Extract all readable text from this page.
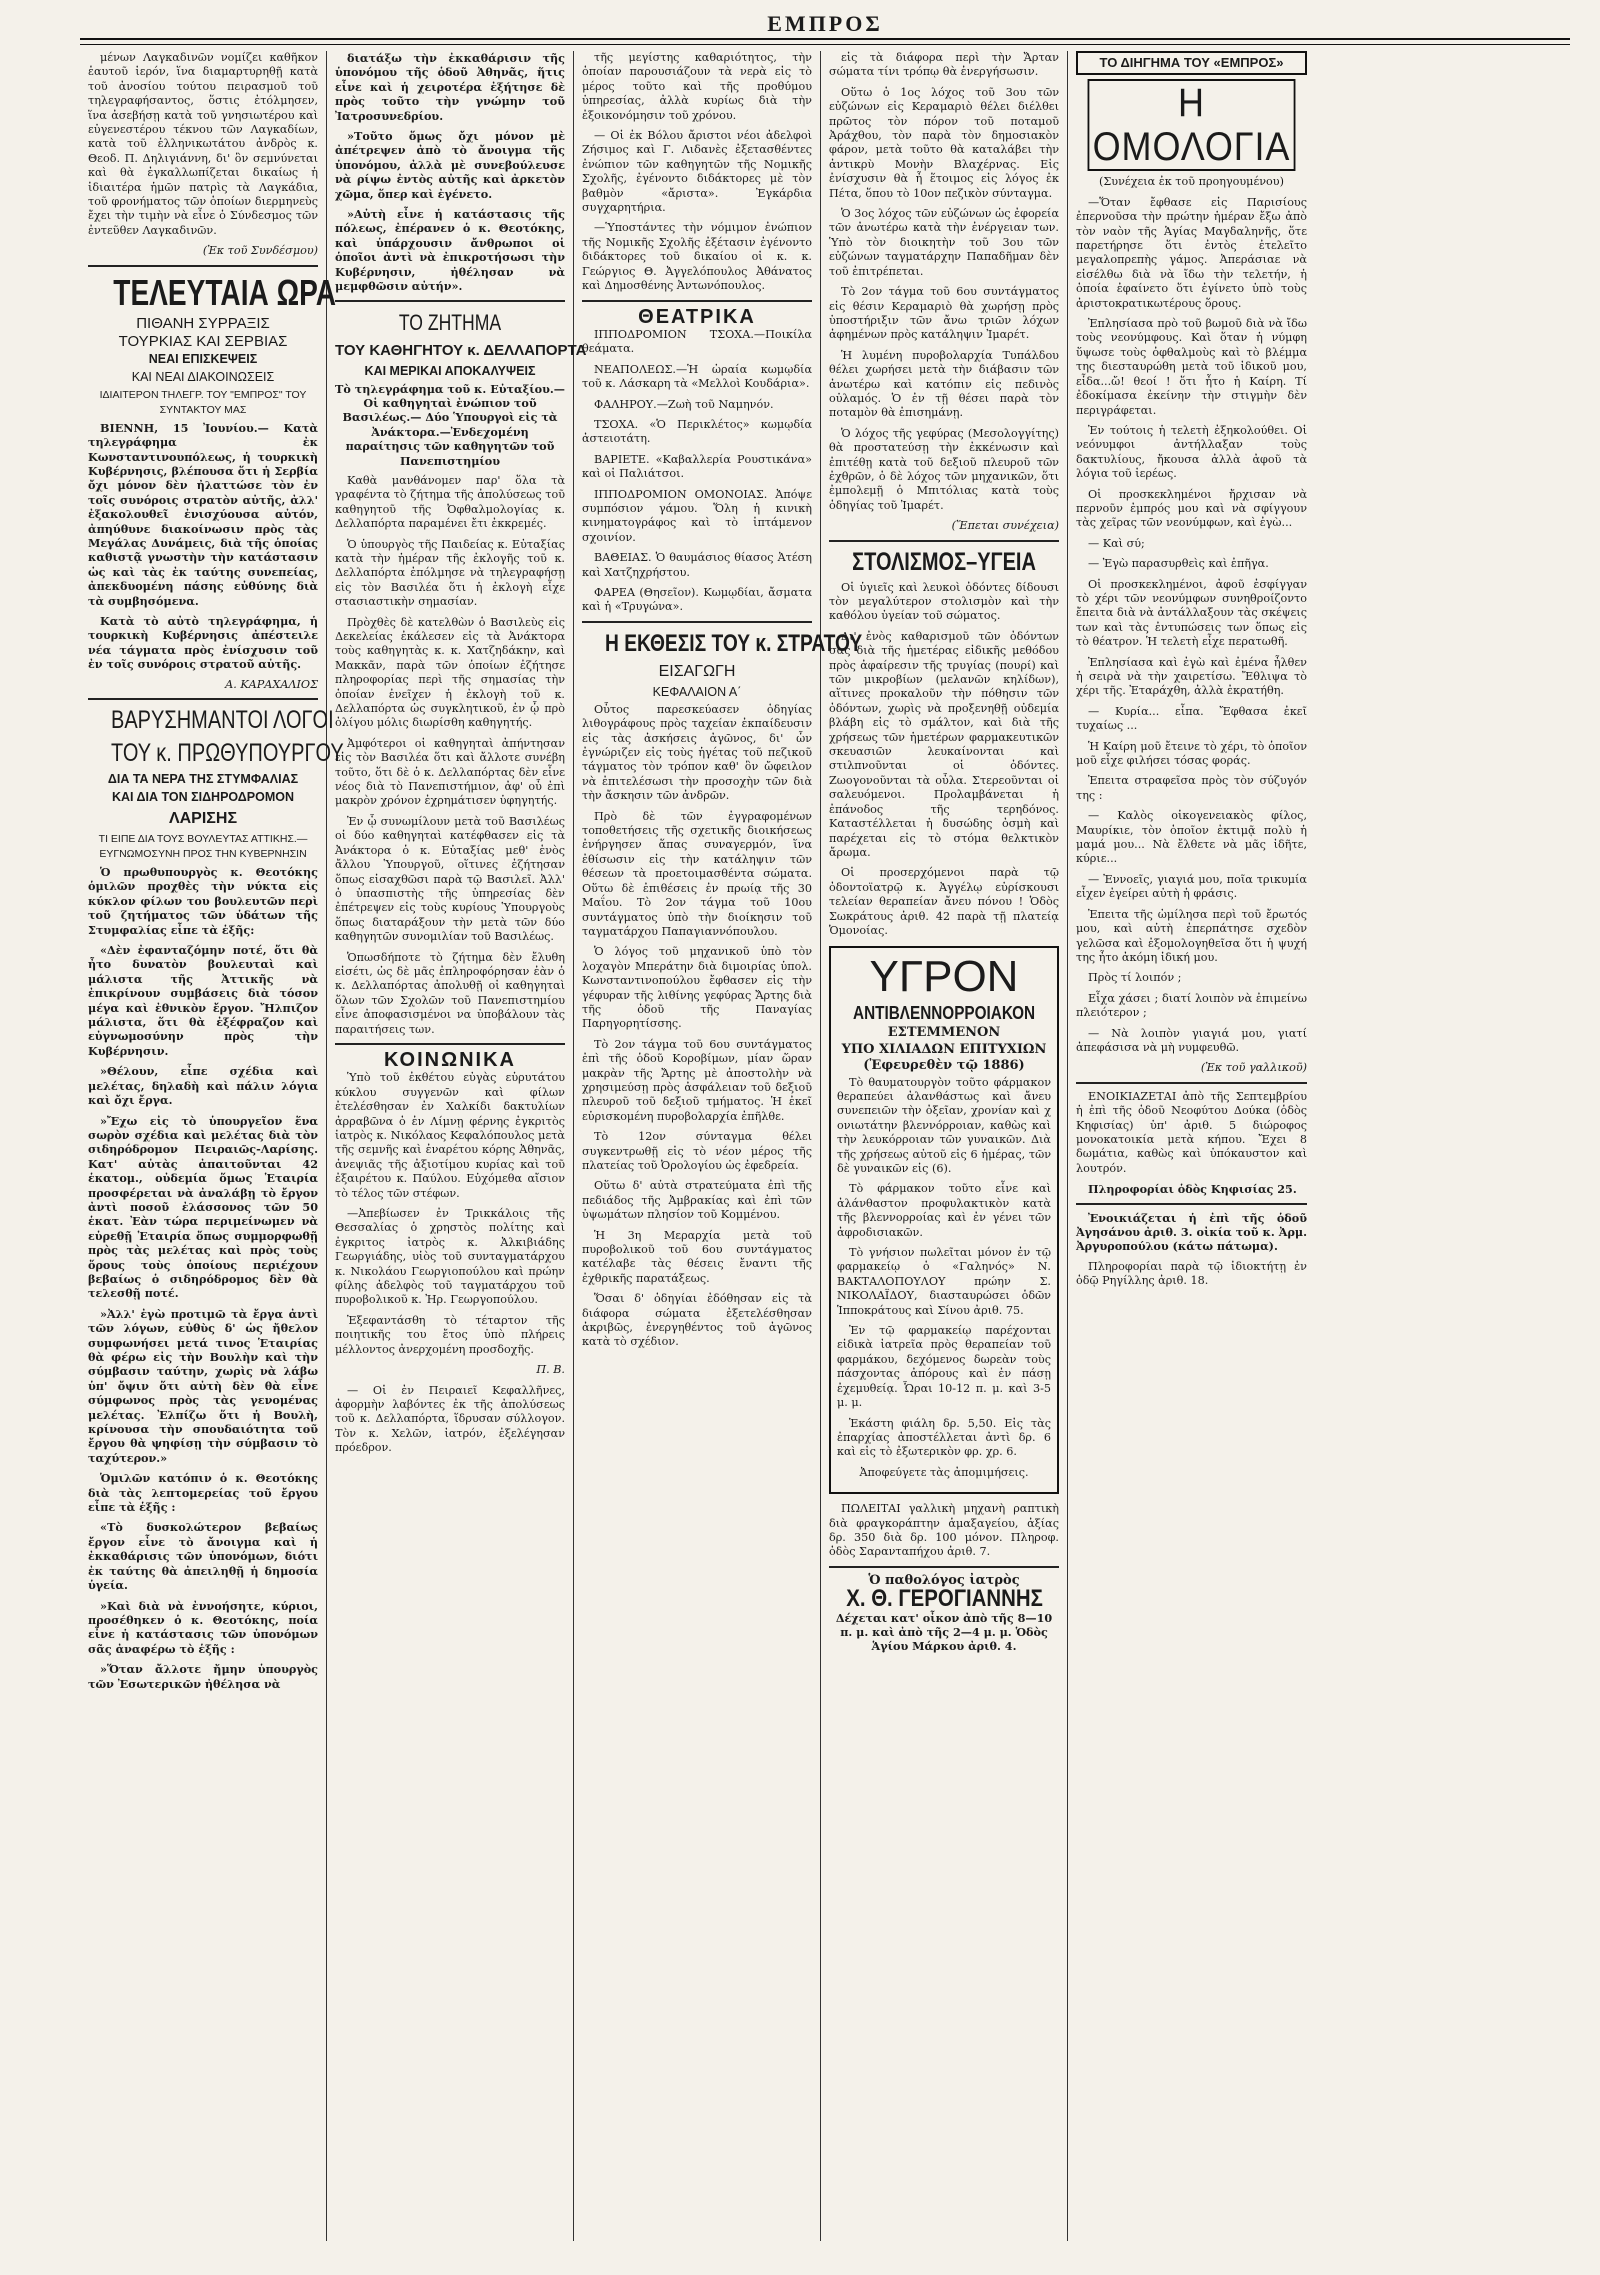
ΕΜΠΡΟΣ

μένων Λαγκαδινῶν νομίζει καθῆκον ἑαυτοῦ ἱερόν, ἵνα διαμαρτυρηθῇ κατὰ τοῦ ἀνοσίου τούτου πειρασμοῦ τοῦ τηλεγραφήσαντος, ὅστις ἐτόλμησεν, ἵνα ἀσεβήσῃ κατὰ τοῦ γνησιωτέρου καὶ εὐγενεστέρου τέκνου τῶν Λαγκαδίων, κατὰ τοῦ ἑλληνικωτάτου ἀνδρὸς κ. Θεοδ. Π. Δηλιγιάννη, δι' ὃν σεμνύνεται καὶ θὰ ἐγκαλλωπίζεται δικαίως ἡ ἰδιαιτέρα ἡμῶν πατρὶς τὰ Λαγκάδια, τοῦ φρονήματος τῶν ὁποίων διερμηνεὺς ἔχει τὴν τιμὴν νὰ εἶνε ὁ Σύνδεσμος τῶν ἐντεῦθεν Λαγκαδινῶν.

(Ἐκ τοῦ Συνδέσμου)

ΤΕΛΕΥΤΑΙΑ ΩΡΑ
ΠΙΘΑΝΗ ΣΥΡΡΑΞΙΣ
ΤΟΥΡΚΙΑΣ ΚΑΙ ΣΕΡΒΙΑΣ
ΝΕΑΙ ΕΠΙΣΚΕΨΕΙΣ
ΚΑΙ ΝΕΑΙ ΔΙΑΚΟΙΝΩΣΕΙΣ
ΙΔΙΑΙΤΕΡΟΝ ΤΗΛΕΓΡ. ΤΟΥ "ΕΜΠΡΟΣ" ΤΟΥ ΣΥΝΤΑΚΤΟΥ ΜΑΣ

ΒΙΕΝΝΗ, 15 Ἰουνίου.— Κατὰ τηλεγράφημα ἐκ Κωνσταντινουπόλεως, ἡ τουρκικὴ Κυβέρνησις, βλέπουσα ὅτι ἡ Σερβία ὄχι μόνον δὲν ἠλαττώσε τὸν ἐν τοῖς συνόροις στρατὸν αὐτῆς, ἀλλ' ἐξακολουθεῖ ἐνισχύουσα αὐτόν, ἀπηύθυνε διακοίνωσιν πρὸς τὰς Μεγάλας Δυνάμεις, διὰ τῆς ὁποίας καθιστᾷ γνωστὴν τὴν κατάστασιν ὡς καὶ τὰς ἐκ ταύτης συνεπείας, ἀπεκδυομένη πάσης εὐθύνης διὰ τὰ συμβησόμενα.

Κατὰ τὸ αὐτὸ τηλεγράφημα, ἡ τουρκικὴ Κυβέρνησις ἀπέστειλε νέα τάγματα πρὸς ἐνίσχυσιν τοῦ ἐν τοῖς συνόροις στρατοῦ αὐτῆς.

Α. ΚΑΡΑΧΑΛΙΟΣ

ΒΑΡΥΣΗΜΑΝΤΟΙ ΛΟΓΟΙ
ΤΟΥ κ. ΠΡΩΘΥΠΟΥΡΓΟΥ
ΔΙΑ ΤΑ ΝΕΡΑ ΤΗΣ ΣΤΥΜΦΑΛΙΑΣ
ΚΑΙ ΔΙΑ ΤΟΝ ΣΙΔΗΡΟΔΡΟΜΟΝ
ΛΑΡΙΣΗΣ
ΤΙ ΕΙΠΕ ΔΙΑ ΤΟΥΣ ΒΟΥΛΕΥΤΑΣ ΑΤΤΙΚΗΣ.— ΕΥΓΝΩΜΟΣΥΝΗ ΠΡΟΣ ΤΗΝ ΚΥΒΕΡΝΗΣΙΝ

Ὁ πρωθυπουργὸς κ. Θεοτόκης ὁμιλῶν προχθὲς τὴν νύκτα εἰς κύκλον φίλων του βουλευτῶν περὶ τοῦ ζητήματος τῶν ὑδάτων τῆς Στυμφαλίας εἶπε τὰ ἑξῆς:

«Δὲν ἐφανταζόμην ποτέ, ὅτι θὰ ἦτο δυνατὸν βουλευταὶ καὶ μάλιστα τῆς Ἀττικῆς νὰ ἐπικρίνουν συμβάσεις διὰ τόσον μέγα καὶ ἐθνικὸν ἔργον. Ἤλπιζον μάλιστα, ὅτι θὰ ἐξέφραζον καὶ εὐγνωμοσύνην πρὸς τὴν Κυβέρνησιν.

»Θέλουν, εἶπε σχέδια καὶ μελέτας, δηλαδὴ καὶ πάλιν λόγια καὶ ὄχι ἔργα.

»Ἔχω εἰς τὸ ὑπουργεῖον ἕνα σωρὸν σχέδια καὶ μελέτας διὰ τὸν σιδηρόδρομον Πειραιῶς-Λαρίσης. Κατ' αὐτὰς ἀπαιτοῦνται 42 ἑκατομ., οὐδεμία ὅμως Ἑταιρία προσφέρεται νὰ ἀναλάβῃ τὸ ἔργον ἀντὶ ποσοῦ ἐλάσσονος τῶν 50 ἑκατ. Ἐὰν τώρα περιμείνωμεν νὰ εὑρεθῇ Ἑταιρία ὅπως συμμορφωθῇ πρὸς τὰς μελέτας καὶ πρὸς τοὺς ὅρους τοὺς ὁποίους περιέχουν βεβαίως ὁ σιδηρόδρομος δὲν θὰ τελεσθῇ ποτέ.

»Ἀλλ' ἐγὼ προτιμῶ τὰ ἔργα ἀντὶ τῶν λόγων, εὐθὺς δ' ὡς ἤθελον συμφωνήσει μετά τινος Ἑταιρίας θὰ φέρω εἰς τὴν Βουλὴν καὶ τὴν σύμβασιν ταύτην, χωρὶς νὰ λάβω ὑπ' ὄψιν ὅτι αὐτὴ δὲν θὰ εἶνε σύμφωνος πρὸς τὰς γενομένας μελέτας. Ἐλπίζω ὅτι ἡ Βουλὴ, κρίνουσα τὴν σπουδαιότητα τοῦ ἔργου θὰ ψηφίσῃ τὴν σύμβασιν τὸ ταχύτερον.»

Ὁμιλῶν κατόπιν ὁ κ. Θεοτόκης διὰ τὰς λεπτομερείας τοῦ ἔργου εἶπε τὰ ἑξῆς :

«Τὸ δυσκολώτερον βεβαίως ἔργον εἶνε τὸ ἄνοιγμα καὶ ἡ ἐκκαθάρισις τῶν ὑπονόμων, διότι ἐκ ταύτης θὰ ἀπειληθῇ ἡ δημοσία ὑγεία.

»Καὶ διὰ νὰ ἐννοήσητε, κύριοι, προσέθηκεν ὁ κ. Θεοτόκης, ποία εἶνε ἡ κατάστασις τῶν ὑπονόμων σᾶς ἀναφέρω τὸ ἑξῆς :

»Ὅταν ἄλλοτε ἤμην ὑπουργὸς τῶν Ἐσωτερικῶν ἠθέλησα νὰ

διατάξω τὴν ἐκκαθάρισιν τῆς ὑπονόμου τῆς ὁδοῦ Ἀθηνᾶς, ἥτις εἶνε καὶ ἡ χειροτέρα ἐξήτησε δὲ πρὸς τοῦτο τὴν γνώμην τοῦ Ἰατροσυνεδρίου.

»Τοῦτο ὅμως ὄχι μόνον μὲ ἀπέτρεψεν ἀπὸ τὸ ἄνοιγμα τῆς ὑπονόμου, ἀλλὰ μὲ συνεβούλευσε νὰ ρίψω ἐντὸς αὐτῆς καὶ ἀρκετὸν χῶμα, ὅπερ καὶ ἐγένετο.

»Αὐτὴ εἶνε ἡ κατάστασις τῆς πόλεως, ἐπέρανεν ὁ κ. Θεοτόκης, καὶ ὑπάρχουσιν ἄνθρωποι οἱ ὁποῖοι ἀντὶ νὰ ἐπικροτήσωσι τὴν Κυβέρνησιν, ἠθέλησαν νὰ μεμφθῶσιν αὐτήν».

ΤΟ ΖΗΤΗΜΑ
ΤΟΥ ΚΑΘΗΓΗΤΟΥ κ. ΔΕΛΛΑΠΟΡΤΑ
ΚΑΙ ΜΕΡΙΚΑΙ ΑΠΟΚΑΛΥΨΕΙΣ

Τὸ τηλεγράφημα τοῦ κ. Εὐταξίου.—Οἱ καθηγηταὶ ἐνώπιον τοῦ Βασιλέως.— Δύο Ὑπουργοὶ εἰς τὰ Ἀνάκτορα.—Ἐνδεχομένη παραίτησις τῶν καθηγητῶν τοῦ Πανεπιστημίου

Καθὰ μανθάνομεν παρ' ὅλα τὰ γραφέντα τὸ ζήτημα τῆς ἀπολύσεως τοῦ καθηγητοῦ τῆς Ὀφθαλμολογίας κ. Δελλαπόρτα παραμένει ἔτι ἐκκρεμές.

Ὁ ὑπουργὸς τῆς Παιδείας κ. Εὐταξίας κατὰ τὴν ἡμέραν τῆς ἐκλογῆς τοῦ κ. Δελλαπόρτα ἐπόλμησε νὰ τηλεγραφήσῃ εἰς τὸν Βασιλέα ὅτι ἡ ἐκλογὴ εἶχε στασιαστικὴν σημασίαν.

Πρὸχθὲς δὲ κατελθὼν ὁ Βασιλεὺς εἰς Δεκελείας ἐκάλεσεν εἰς τὰ Ἀνάκτορα τοὺς καθηγητὰς κ. κ. Χατζηδάκην, καὶ Μακκᾶν, παρὰ τῶν ὁποίων ἐζήτησε πληροφορίας περὶ τῆς σημασίας τὴν ὁποίαν ἐνεῖχεν ἡ ἐκλογὴ τοῦ κ. Δελλαπόρτα ὡς συγκλητικοῦ, ἐν ᾧ πρὸ ὀλίγου μόλις διωρίσθη καθηγητής.

Ἀμφότεροι οἱ καθηγηταὶ ἀπήντησαν εἰς τὸν Βασιλέα ὅτι καὶ ἄλλοτε συνέβη τοῦτο, ὅτι δὲ ὁ κ. Δελλαπόρτας δὲν εἶνε νέος διὰ τὸ Πανεπιστήμιον, ἀφ' οὗ ἐπὶ μακρὸν χρόνον ἐχρημάτισεν ὑφηγητής.

Ἐν ᾧ συνωμίλουν μετὰ τοῦ Βασιλέως οἱ δύο καθηγηταὶ κατέφθασεν εἰς τὰ Ἀνάκτορα ὁ κ. Εὐταξίας μεθ' ἑνὸς ἄλλου Ὑπουργοῦ, οἵτινες ἐζήτησαν ὅπως εἰσαχθῶσι παρὰ τῷ Βασιλεῖ. Ἀλλ' ὁ ὑπασπιστὴς τῆς ὑπηρεσίας δὲν ἐπέτρεψεν εἰς τοὺς κυρίους Ὑπουργοὺς ὅπως διαταράξουν τὴν μετὰ τῶν δύο καθηγητῶν συνομιλίαν τοῦ Βασιλέως.

Ὁπωσδήποτε τὸ ζήτημα δὲν ἔλυθη εἰσέτι, ὡς δὲ μᾶς ἐπληροφόρησαν ἐὰν ὁ κ. Δελλαπόρτας ἀπολυθῇ οἱ καθηγηταὶ ὅλων τῶν Σχολῶν τοῦ Πανεπιστημίου εἶνε ἀποφασισμένοι να ὑποβάλουν τὰς παραιτήσεις των.

ΚΟΙΝΩΝΙΚΑ

Ὑπὸ τοῦ ἐκθέτου εὐγὰς εὑρυτάτου κύκλου συγγενῶν καὶ φίλων ἐτελέσθησαν ἐν Χαλκίδι δακτυλίων ἀρραβῶνα ὁ ἐν Λίμνῃ φέρνης ἐγκριτὸς ἰατρὸς κ. Νικόλαος Κεφαλόπουλος μετὰ τῆς σεμνῆς καὶ ἐναρέτου κόρης Ἀθηνᾶς, ἀνεψιᾶς τῆς ἀξιοτίμου κυρίας καὶ τοῦ ἐξαιρέτου κ. Παύλου. Εὐχόμεθα αἴσιον τὸ τέλος τῶν στέφων.

—Ἀπεβίωσεν ἐν Τρικκάλοις τῆς Θεσσαλίας ὁ χρηστὸς πολίτης καὶ ἐγκριτος ἰατρὸς κ. Ἀλκιβιάδης Γεωργιάδης, υἱὸς τοῦ συνταγματάρχου κ. Νικολάου Γεωργιοπούλου καὶ πρώην φίλης ἀδελφὸς τοῦ ταγματάρχου τοῦ πυροβολικοῦ κ. Ἠρ. Γεωργοπούλου.

Ἐξεφαντάσθη τὸ τέταρτον τῆς ποιητικῆς του ἔτος ὑπὸ πλήρεις μέλλοντος ἀνερχομένη προσδοχῆς.

Π. Β.

— Οἱ ἐν Πειραιεῖ Κεφαλλῆνες, ἀφορμὴν λαβόντες ἐκ τῆς ἀπολύσεως τοῦ κ. Δελλαπόρτα, ἵδρυσαν σύλλογον. Τὸν κ. Χελῶν, ἰατρόν, ἐξελέγησαν πρόεδρον.

τῆς μεγίστης καθαριότητος, τὴν ὁποίαν παρουσιάζουν τὰ νερὰ εἰς τὸ μέρος τοῦτο καὶ τῆς προθύμου ὑπηρεσίας, ἀλλὰ κυρίως διὰ τὴν ἐξοικονόμησιν τοῦ χρόνου.

— Οἱ ἐκ Βόλου ἄριστοι νέοι ἀδελφοὶ Ζήσιμος καὶ Γ. Λιδανὲς ἐξετασθέντες ἐνώπιον τῶν καθηγητῶν τῆς Νομικῆς Σχολῆς, ἐγένοντο διδάκτορες μὲ τὸν βαθμὸν «ἄριστα». Ἐγκάρδια συγχαρητήρια.

—Ὑποστάντες τὴν νόμιμον ἐνώπιον τῆς Νομικῆς Σχολῆς ἐξέτασιν ἐγένοντο διδάκτορες τοῦ δικαίου οἱ κ. κ. Γεώργιος Θ. Ἀγγελόπουλος Ἀθάνατος καὶ Δημοσθένης Ἀντωνόπουλος.

ΘΕΑΤΡΙΚΑ

ΙΠΠΟΔΡΟΜΙΟΝ ΤΣΟΧΑ.—Ποικίλα θεάματα.

ΝΕΑΠΟΛΕΩΣ.—Ἡ ὡραία κωμῳδία τοῦ κ. Λάσκαρη τὰ «Μελλοὶ Κουδάρια».

ΦΑΛΗΡΟΥ.—Ζωὴ τοῦ Ναμηνόν.

ΤΣΟΧΑ. «Ὁ Περικλέτος» κωμῳδία ἀστειοτάτη.

ΒΑΡΙΕΤΕ. «Καβαλλερία Ρουστικάνα» καὶ οἱ Παλιάτσοι.

ΙΠΠΟΔΡΟΜΙΟΝ ΟΜΟΝΟΙΑΣ. Ἀπόψε συμπόσιον γάμου. Ὅλη ἡ κινικὴ κινηματογράφος καὶ τὸ ἰπτάμενον σχοινίον.

ΒΑΘΕΙΑΣ. Ὁ θαυμάσιος θίασος Ἀτέση καὶ Χατζηχρήστου.

ΦΑΡΕΑ (Θησεῖον). Κωμῳδίαι, ἄσματα καὶ ἡ «Τρυγώνα».

Η ΕΚΘΕΣΙΣ ΤΟΥ κ. ΣΤΡΑΤΟΥ
ΕΙΣΑΓΩΓΗ
ΚΕΦΑΛΑΙΟΝ Α΄

Οὗτος παρεσκεύασεν ὁδηγίας λιθογράφους πρὸς ταχείαν ἐκπαίδευσιν εἰς τὰς ἀσκήσεις ἀγῶνος, δι' ὧν ἐγνώριζεν εἰς τοὺς ἡγέτας τοῦ πεζικοῦ τάγματος τὸν τρόπον καθ' ὃν ὤφειλον νὰ ἐπιτελέσωσι τὴν προσοχὴν τῶν διὰ τὴν ἄσκησιν τῶν ἀνδρῶν.

Πρὸ δὲ τῶν ἐγγραφομένων τοποθετήσεις τῆς σχετικῆς διοικήσεως ἐνήργησεν ἅπας συναγερμόν, ἵνα ἐθίσωσιν εἰς τὴν κατάληψιν τῶν θέσεων τὰ προετοιμασθέντα σώματα. Οὕτω δὲ ἐπιθέσεις ἐν πρωίᾳ τῆς 30 Μαΐου. Τὸ 2ον τάγμα τοῦ 10ου συντάγματος ὑπὸ τὴν διοίκησιν τοῦ ταγματάρχου Παπαγιαννόπουλου.

Ὁ λόγος τοῦ μηχανικοῦ ὑπὸ τὸν λοχαγὸν Μπεράτην διὰ διμοιρίας ὑπολ. Κωνσταντινοπούλου ἔφθασεν εἰς τὴν γέφυραν τῆς λιθίνης γεφύρας Ἄρτης διὰ τῆς ὁδοῦ τῆς Παναγίας Παρηγορητίσσης.

Τὸ 2ον τάγμα τοῦ 6ου συντάγματος ἐπὶ τῆς ὁδοῦ Κοροβίμων, μίαν ὥραν μακρὰν τῆς Ἄρτης μὲ ἀποστολὴν νὰ χρησιμεύσῃ πρὸς ἀσφάλειαν τοῦ δεξιοῦ πλευροῦ τοῦ δεξιοῦ τμήματος. Ἡ ἐκεῖ εὑρισκομένη πυροβολαρχία ἐπῆλθε.

Τὸ 12ον σύνταγμα θέλει συγκεντρωθῇ εἰς τὸ νέον μέρος τῆς πλατείας τοῦ Ὀρολογίου ὡς ἐφεδρεία.

Οὕτω δ' αὐτὰ στρατεύματα ἐπὶ τῆς πεδιάδος τῆς Ἀμβρακίας καὶ ἐπὶ τῶν ὑψωμάτων πλησίον τοῦ Κομμένου.

Ἡ 3η Μεραρχία μετὰ τοῦ πυροβολικοῦ τοῦ 6ου συντάγματος κατέλαβε τὰς θέσεις ἔναντι τῆς ἐχθρικῆς παρατάξεως.

Ὅσαι δ' ὁδηγίαι ἐδόθησαν εἰς τὰ διάφορα σώματα ἐξετελέσθησαν ἀκριβῶς, ἐνεργηθέντος τοῦ ἀγῶνος κατὰ τὸ σχέδιον.

εἰς τὰ διάφορα περὶ τὴν Ἄρταν σώματα τίνι τρόπῳ θὰ ἐνεργήσωσιν.

Οὕτω ὁ 1ος λόχος τοῦ 3ου τῶν εὐζώνων εἰς Κεραμαριὸ θέλει διέλθει πρῶτος τὸν πόρον τοῦ ποταμοῦ Ἀράχθου, τὸν παρὰ τὸν δημοσιακὸν φάρον, μετὰ τοῦτο θὰ καταλάβει τὴν ἀντικρὺ Μονὴν Βλαχέρνας. Εἰς ἐνίσχυσιν θὰ ἦ ἕτοιμος εἰς λόγος ἐκ Πέτα, ὅπου τὸ 10ον πεζικὸν σύνταγμα.

Ὁ 3ος λόχος τῶν εὐζώνων ὡς ἐφορεία τῶν ἀνωτέρω κατὰ τὴν ἐνέργειαν των. Ὑπὸ τὸν διοικητὴν τοῦ 3ου τῶν εὐζώνων ταγματάρχην Παπαδῆμαν δὲν τοῦ ἐπιτρέπεται.

Τὸ 2ον τάγμα τοῦ 6ου συντάγματος εἰς θέσιν Κεραμαριὸ θὰ χωρήσῃ πρὸς ὑποστήριξιν τῶν ἄνω τριῶν λόχων ἀφημένων πρὸς κατάληψιν Ἰμαρέτ.

Ἡ λυμένη πυροβολαρχία Τυπάλδου θέλει χωρήσει μετὰ τὴν διάβασιν τῶν ἀνωτέρω καὶ κατόπιν εἰς πεδινὸς οὐλαμός. Ὁ ἐν τῇ θέσει παρὰ τὸν ποταμὸν θὰ ἐπισημάνῃ.

Ὁ λόχος τῆς γεφύρας (Μεσολογγίτης) θὰ προστατεύσῃ τὴν ἐκκένωσιν καὶ ἐπιτέθῃ κατὰ τοῦ δεξιοῦ πλευροῦ τῶν ἐχθρῶν, ὁ δὲ λόχος τῶν μηχανικῶν, ὅτι ἐμπολεμῇ ὁ Μπιτόλιας κατὰ τοὺς ὁδηγίας τοῦ Ἰμαρέτ.

(Ἕπεται συνέχεια)

ΣΤΟΛΙΣΜΟΣ–ΥΓΕΙΑ

Οἱ ὑγιεῖς καὶ λευκοὶ ὀδόντες δίδουσι τὸν μεγαλύτερον στολισμὸν καὶ τὴν καθόλου ὑγείαν τοῦ σώματος.

Δι' ἐνὸς καθαρισμοῦ τῶν ὀδόντων σας διὰ τῆς ἡμετέρας εἰδικῆς μεθόδου πρὸς ἀφαίρεσιν τῆς τρυγίας (πουρί) καὶ τῶν μικροβίων (μελανῶν κηλίδων), αἵτινες προκαλοῦν τὴν πόθησιν τῶν ὀδόντων, χωρὶς νὰ προξενηθῇ οὐδεμία βλάβη εἰς τὸ σμάλτον, καὶ διὰ τῆς χρήσεως τῶν ἡμετέρων φαρμακευτικῶν σκευασιῶν λευκαίνονται καὶ στιλπνοῦνται οἱ ὀδόντες. Ζωογονοῦνται τὰ οὖλα. Στερεοῦνται οἱ σαλευόμενοι. Προλαμβάνεται ἡ ἐπάνοδος τῆς τερηδόνος. Καταστέλλεται ἡ δυσώδης ὀσμὴ καὶ παρέχεται εἰς τὸ στόμα θελκτικὸν ἄρωμα.

Οἱ προσερχόμενοι παρὰ τῷ ὀδοντοϊατρῷ κ. Ἀγγέλῳ εὑρίσκουσι τελείαν θεραπείαν ἄνευ πόνου ! Ὁδὸς Σωκράτους ἀριθ. 42 παρὰ τῇ πλατείᾳ Ὁμονοίας.

ΥΓΡΟΝ
ΑΝΤΙΒΛΕΝΝΟΡΡΟΙΑΚΟΝ
ΕΣΤΕΜΜΕΝΟΝ
ΥΠΟ ΧΙΛΙΑΔΩΝ ΕΠΙΤΥΧΙΩΝ
(Ἐφευρεθὲν τῷ 1886)

Τὸ θαυματουργὸν τοῦτο φάρμακον θεραπεύει ἀλανθάστως καὶ ἄνευ συνεπειῶν τὴν ὀξεῖαν, χρονίαν καὶ χ ονιωτάτην βλεννόρροιαν, καθὼς καὶ τὴν λευκόρροιαν τῶν γυναικῶν. Διὰ τῆς χρήσεως αὐτοῦ εἰς 6 ἡμέρας, τῶν δὲ γυναικῶν εἰς (6).

Τὸ φάρμακον τοῦτο εἶνε καὶ ἀλάνθαστον προφυλακτικὸν κατὰ τῆς βλεννορροίας καὶ ἐν γένει τῶν ἀφροδισιακῶν.

Τὸ γνήσιον πωλεῖται μόνον ἐν τῷ φαρμακείῳ ὁ «Γαληνός» Ν. ΒΑΚΤΑΛΟΠΟΥΛΟΥ πρώην Σ. ΝΙΚΟΛΑΪΔΟΥ, διασταυρώσει ὁδῶν Ἱπποκράτους καὶ Σίνου ἀριθ. 75.

Ἐν τῷ φαρμακείῳ παρέχονται εἰδικὰ ἰατρεῖα πρὸς θεραπείαν τοῦ φαρμάκου, δεχόμενος δωρεὰν τοὺς πάσχοντας ἀπόρους καὶ ἐν πάσῃ ἐχεμυθείᾳ. Ὧραι 10-12 π. μ. καὶ 3-5 μ. μ.

Ἑκάστη φιάλη δρ. 5,50. Εἰς τὰς ἐπαρχίας ἀποστέλλεται ἀντὶ δρ. 6 καὶ εἰς τὸ ἐξωτερικὸν φρ. χρ. 6.

Ἀποφεύγετε τὰς ἀπομιμήσεις.

ΠΩΛΕΙΤΑΙ γαλλικὴ μηχανὴ ραπτικὴ διὰ φραγκοράπτην ἁμαξαγείου, ἀξίας δρ. 350 διὰ δρ. 100 μόνον. Πληροφ. ὁδὸς Σαρανταπήχου ἀριθ. 7.

Ὁ παθολόγος ἰατρὸς
Χ. Θ. ΓΕΡΟΓΙΑΝΝΗΣ

Δέχεται κατ' οἶκον ἀπὸ τῆς 8—10 π. μ. καὶ ἀπὸ τῆς 2—4 μ. μ. Ὁδὸς Ἁγίου Μάρκου ἀριθ. 4.

ΤΟ ΔΙΗΓΗΜΑ ΤΟΥ «ΕΜΠΡΟΣ»
Η ΟΜΟΛΟΓΙΑ

(Συνέχεια ἐκ τοῦ προηγουμένου)

—Ὅταν ἔφθασε εἰς Παρισίους ἐπερνοῦσα τὴν πρώτην ἡμέραν ἔξω ἀπὸ τὸν ναὸν τῆς Ἁγίας Μαγδαληνῆς, ὅτε παρετήρησε ὅτι ἐντὸς ἐτελεῖτο μεγαλοπρεπὴς γάμος. Ἀπεράσιαε νὰ εἰσέλθω διὰ νὰ ἴδω τὴν τελετήν, ἡ ὁποία ἐφαίνετο ὅτι ἐγίνετο ὑπὸ τοὺς ἀριστοκρατικωτέρους ὅρους.

Ἐπλησίασα πρὸ τοῦ βωμοῦ διὰ νὰ ἴδω τοὺς νεονύμφους. Καὶ ὅταν ἡ νύμφη ὕψωσε τοὺς ὀφθαλμοὺς καὶ τὸ βλέμμα της διεσταυρώθη μετὰ τοῦ ἰδικοῦ μου, εἶδα...ὤ! θεοί ! ὅτι ἦτο ἡ Καίρη. Τί ἐδοκίμασα ἐκείνην τὴν στιγμὴν δὲν περιγράφεται.

Ἐν τούτοις ἡ τελετὴ ἐξηκολούθει. Οἱ νεόνυμφοι ἀντήλλαξαν τοὺς δακτυλίους, ἤκουσα ἀλλὰ ἀφοῦ τὰ λόγια τοῦ ἱερέως.

Οἱ προσκεκλημένοι ἤρχισαν νὰ περνοῦν ἐμπρός μου καὶ νὰ σφίγγουν τὰς χεῖρας τῶν νεονύμφων, καὶ ἐγὼ...

— Καὶ σύ;

— Ἐγὼ παρασυρθεὶς καὶ ἐπῆγα.

Οἱ προσκεκλημένοι, ἀφοῦ ἐσφίγγαν τὸ χέρι τῶν νεονύμφων συνηθροίζοντο ἔπειτα διὰ νὰ ἀντάλλαξουν τὰς σκέψεις των καὶ τὰς ἐντυπώσεις των ὅπως εἰς τὸ θέατρον. Ἡ τελετὴ εἶχε περατωθῆ.

Ἐπλησίασα καὶ ἐγὼ καὶ ἐμένα ἦλθεν ἡ σειρὰ νὰ τὴν χαιρετίσω. Ἔθλιψα τὸ χέρι τῆς. Ἐταράχθη, ἀλλὰ ἐκρατήθη.

— Κυρία... εἶπα. Ἔφθασα ἐκεῖ τυχαίως ...

Ἡ Καίρη μοῦ ἔτεινε τὸ χέρι, τὸ ὁποῖον μοῦ εἶχε φιλήσει τόσας φοράς.

Ἐπειτα στραφεῖσα πρὸς τὸν σύζυγόν της :

— Καλὸς οἰκογενειακὸς φίλος, Μαυρίκιε, τὸν ὁποῖον ἐκτιμᾷ πολὺ ἡ μαμά μου... Νὰ ἔλθετε νὰ μᾶς ἰδῆτε, κύριε...

— Ἐννοεῖς, γιαγιά μου, ποῖα τρικυμία εἶχεν ἐγείρει αὐτὴ ἡ φράσις.

Ἐπειτα τῆς ὠμίλησα περὶ τοῦ ἔρωτός μου, καὶ αὐτὴ ἐπερπάτησε σχεδὸν γελῶσα καὶ ἐξομολογηθεῖσα ὅτι ἡ ψυχή της ἦτο ἀκόμη ἰδική μου.

Πρὸς τί λοιπόν ;

Εἶχα χάσει ; διατί λοιπὸν νὰ ἐπιμείνω πλειότερον ;

— Νὰ λοιπὸν γιαγιά μου, γιατί ἀπεφάσισα νὰ μὴ νυμφευθῶ.

(Ἐκ τοῦ γαλλικοῦ)

ΕΝΟΙΚΙΑΖΕΤΑΙ ἀπὸ τῆς Σεπτεμβρίου ἡ ἐπὶ τῆς ὁδοῦ Νεοφύτου Δούκα (ὁδὸς Κηφισίας) ὑπ' ἀριθ. 5 διώροφος μονοκατοικία μετὰ κήπου. Ἔχει 8 δωμάτια, καθὼς καὶ ὑπόκαυστον καὶ λουτρόν.

Πληροφορίαι ὁδὸς Κηφισίας 25.

Ἐνοικιάζεται ἡ ἐπὶ τῆς ὁδοῦ Ἀγησάνου ἀριθ. 3. οἰκία τοῦ κ. Ἀρμ. Ἀργυροπούλου (κάτω πάτωμα).

Πληροφορίαι παρὰ τῷ ἰδιοκτήτῃ ἐν ὁδῷ Ρηγίλλης ἀριθ. 18.
